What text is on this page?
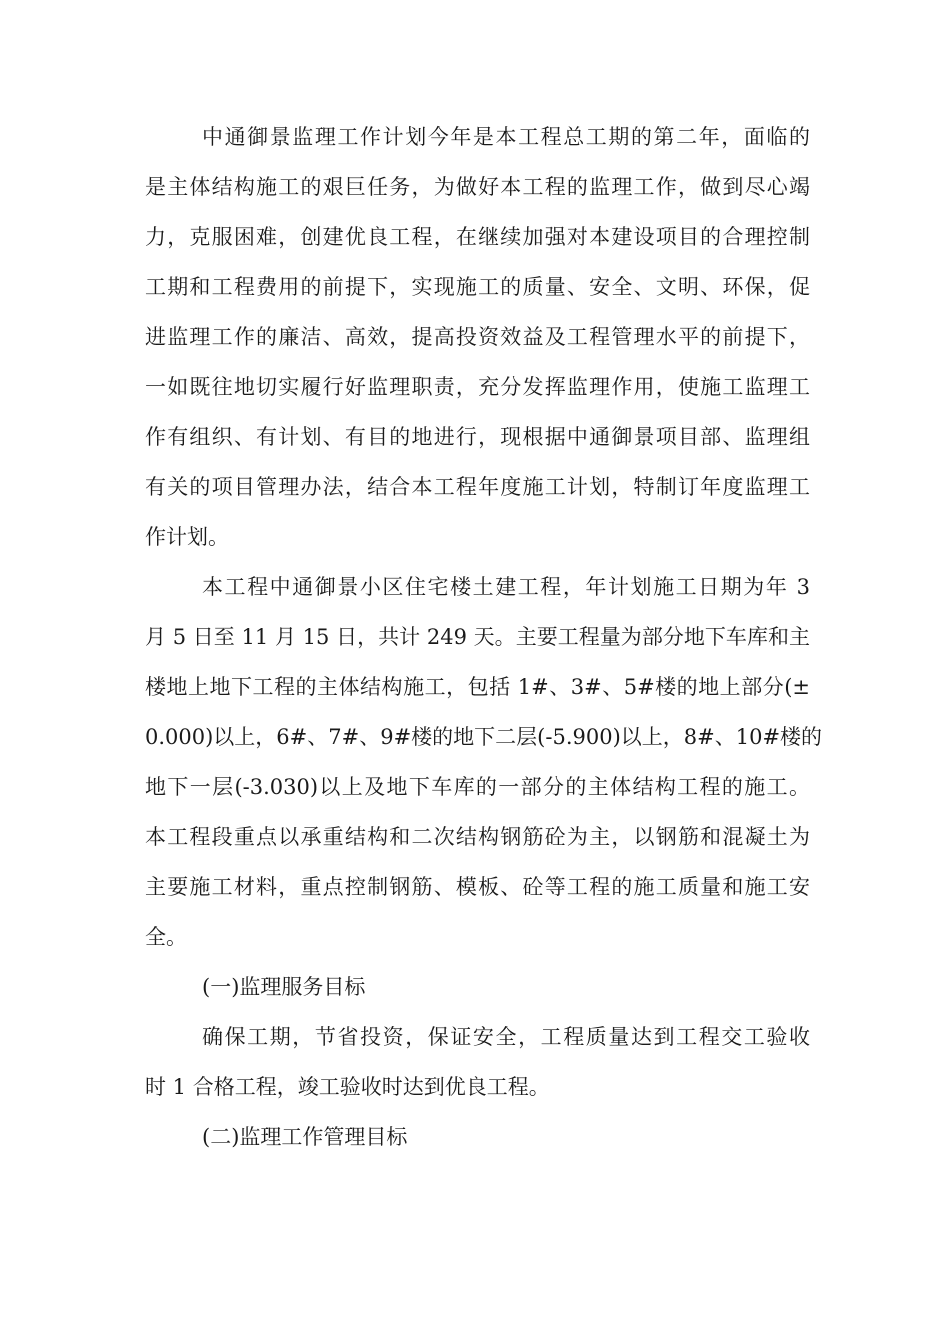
中通御景监理工作计划今年是本工程总工期的第二年，面临的
是主体结构施工的艰巨任务，为做好本工程的监理工作，做到尽心竭
力，克服困难，创建优良工程，在继续加强对本建设项目的合理控制
工期和工程费用的前提下，实现施工的质量、安全、文明、环保，促
进监理工作的廉洁、高效，提高投资效益及工程管理水平的前提下，
一如既往地切实履行好监理职责，充分发挥监理作用，使施工监理工
作有组织、有计划、有目的地进行，现根据中通御景项目部、监理组
有关的项目管理办法，结合本工程年度施工计划，特制订年度监理工
作计划。
本工程中通御景小区住宅楼土建工程，年计划施工日期为年 3
月 5 日至 11 月 15 日，共计 249 天。主要工程量为部分地下车库和主
楼地上地下工程的主体结构施工，包括 1#、3#、5#楼的地上部分(±
0.000)以上，6#、7#、9#楼的地下二层(-5.900)以上，8#、10#楼的
地下一层(-3.030)以上及地下车库的一部分的主体结构工程的施工。
本工程段重点以承重结构和二次结构钢筋砼为主，以钢筋和混凝土为
主要施工材料，重点控制钢筋、模板、砼等工程的施工质量和施工安
全。
(一)监理服务目标
确保工期，节省投资，保证安全，工程质量达到工程交工验收
时 1 合格工程，竣工验收时达到优良工程。
(二)监理工作管理目标
